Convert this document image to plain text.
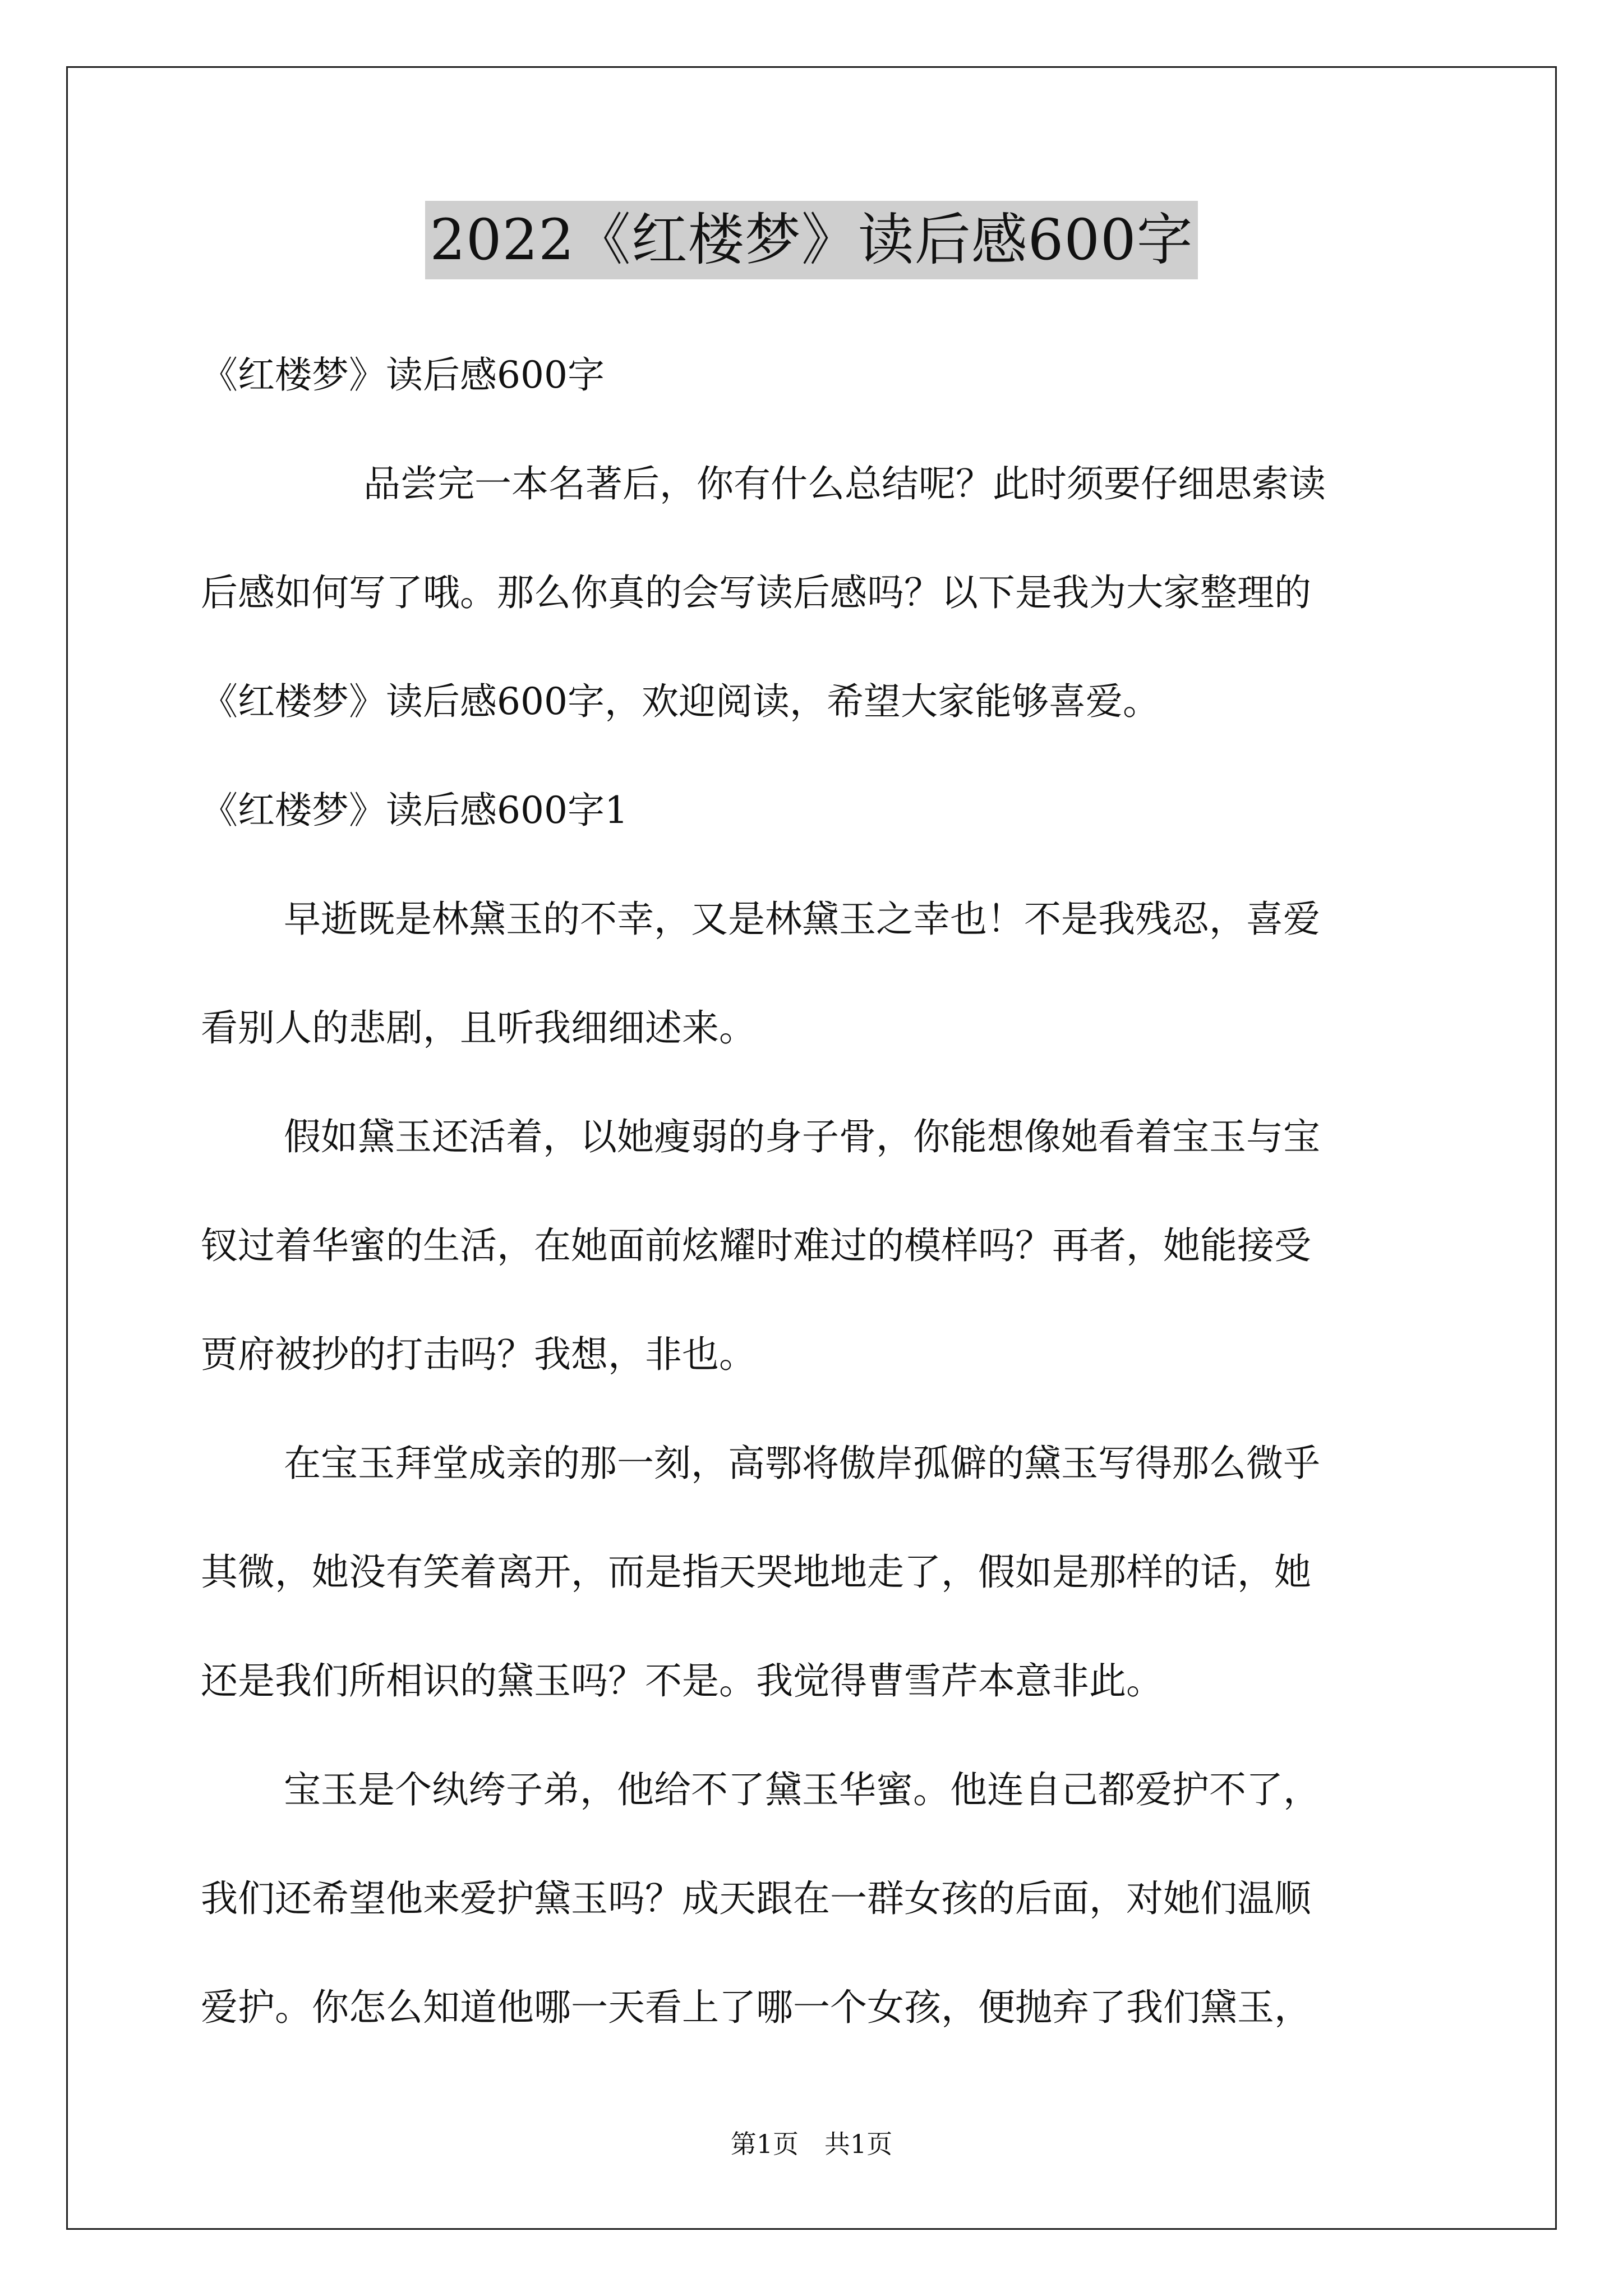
2022《红楼梦》读后感600字
《红楼梦》读后感600字
品尝完一本名著后，你有什么总结呢？此时须要仔细思索读
后感如何写了哦。那么你真的会写读后感吗？以下是我为大家整理的
《红楼梦》读后感600字，欢迎阅读，希望大家能够喜爱。
《红楼梦》读后感600字1
早逝既是林黛玉的不幸，又是林黛玉之幸也！不是我残忍，喜爱
看别人的悲剧，且听我细细述来。
假如黛玉还活着，以她瘦弱的身子骨，你能想像她看着宝玉与宝
钗过着华蜜的生活，在她面前炫耀时难过的模样吗？再者，她能接受
贾府被抄的打击吗？我想，非也。
在宝玉拜堂成亲的那一刻，高鄂将傲岸孤僻的黛玉写得那么微乎
其微，她没有笑着离开，而是指天哭地地走了，假如是那样的话，她
还是我们所相识的黛玉吗？不是。我觉得曹雪芹本意非此。
宝玉是个纨绔子弟，他给不了黛玉华蜜。他连自己都爱护不了，
我们还希望他来爱护黛玉吗？成天跟在一群女孩的后面，对她们温顺
爱护。你怎么知道他哪一天看上了哪一个女孩，便抛弃了我们黛玉，
第1页　共1页
